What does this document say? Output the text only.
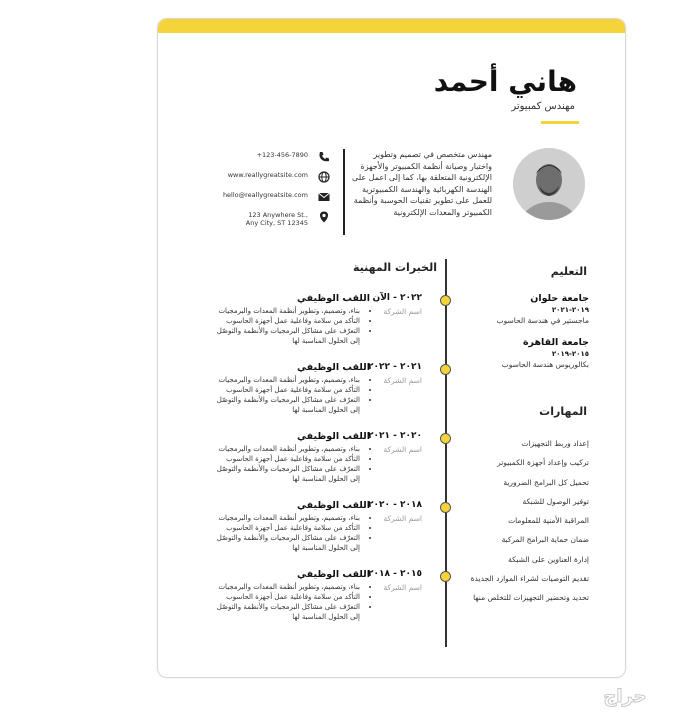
هاني أحمد
مهندس كمبيوتر
مهندس متخصص في تصميم وتطوير واختبار وصيانة أنظمة الكمبيوتر والأجهزة الإلكترونية المتعلقة بها، كما إلى اعمل على الهندسة الكهربائية والهندسة الكمبيوترية للعمل على تطوير تقنيات الحوسبة وأنظمة الكمبيوتر والمعدات الإلكترونية
+123-456-7890
www.reallygreatsite.com
hello@reallygreatsite.com
123 Anywhere St.,
Any City, ST 12345
التعليم
جامعة حلوان
٢٠١٩-٢٠٢١
ماجستير في هندسة الحاسوب
جامعة القاهرة
٢٠١٥-٢٠١٩
بكالوريوس هندسة الحاسوب
المهارات
إعداد وربط التجهيزات
تركيب وإعداد أجهزة الكمبيوتر
تحميل كل البرامج الضرورية
توفير الوصول للشبكة
المراقبة الأمنية للمعلومات
ضمان حماية البرامج المركبة
إدارة العناوين على الشبكة
تقديم التوصيات لشراء الموارد الجديدة
تحديد وتحضير التجهيزات للتخلص منها
الخبرات المهنية
٢٠٢٢ - الآن
اسم الشركة
اللقب الوظيفي
• بناء، وتصميم، وتطوير أنظمة المعدات والبرمجيات
• التأكد من سلامة وفاعلية عمل أجهزة الحاسوب
• التعرّف على مشاكل البرمجيات والأنظمة والتوصّل
إلى الحلول المناسبة لها
٢٠٢١ - ٢٠٢٢
اسم الشركة
اللقب الوظيفي
• بناء، وتصميم، وتطوير أنظمة المعدات والبرمجيات
• التأكد من سلامة وفاعلية عمل أجهزة الحاسوب
• التعرّف على مشاكل البرمجيات والأنظمة والتوصّل
إلى الحلول المناسبة لها
٢٠٢٠ - ٢٠٢١
اسم الشركة
اللقب الوظيفي
• بناء، وتصميم، وتطوير أنظمة المعدات والبرمجيات
• التأكد من سلامة وفاعلية عمل أجهزة الحاسوب
• التعرّف على مشاكل البرمجيات والأنظمة والتوصّل
إلى الحلول المناسبة لها
٢٠١٨ - ٢٠٢٠
اسم الشركة
اللقب الوظيفي
• بناء، وتصميم، وتطوير أنظمة المعدات والبرمجيات
• التأكد من سلامة وفاعلية عمل أجهزة الحاسوب
• التعرّف على مشاكل البرمجيات والأنظمة والتوصّل
إلى الحلول المناسبة لها
٢٠١٥ - ٢٠١٨
اسم الشركة
اللقب الوظيفي
• بناء، وتصميم، وتطوير أنظمة المعدات والبرمجيات
• التأكد من سلامة وفاعلية عمل أجهزة الحاسوب
• التعرّف على مشاكل البرمجيات والأنظمة والتوصّل
إلى الحلول المناسبة لها
حراج
